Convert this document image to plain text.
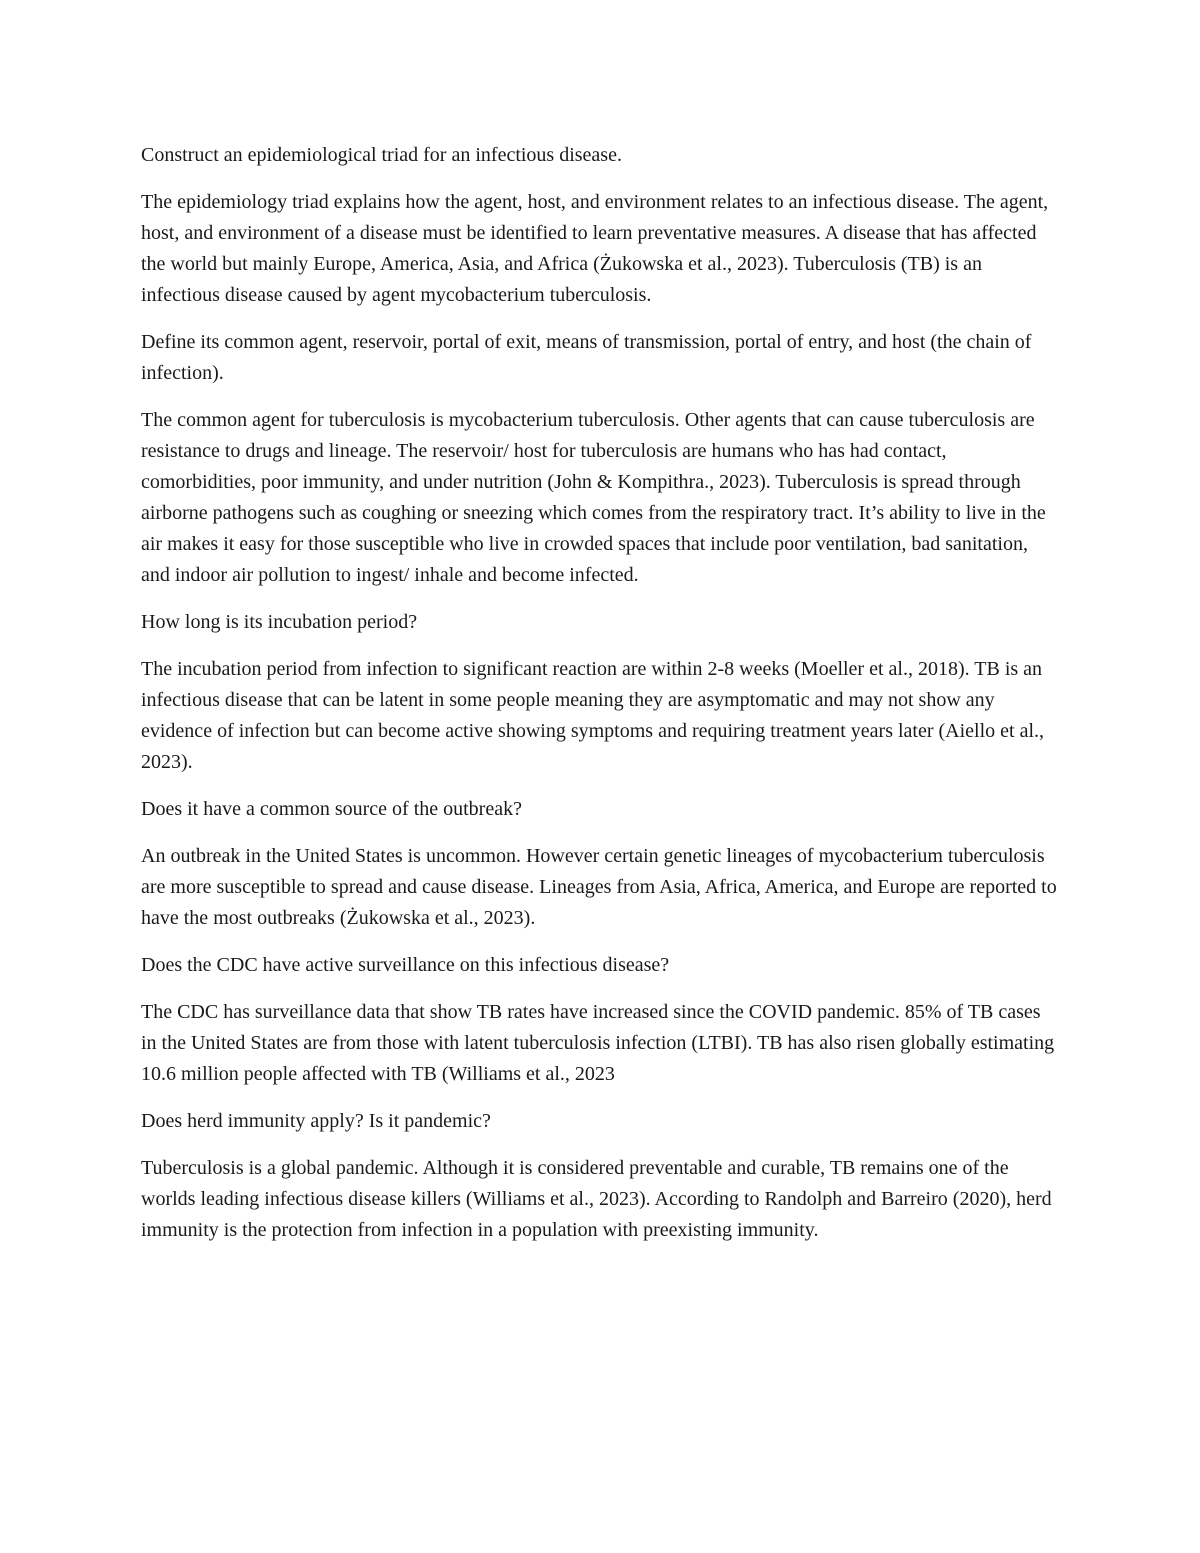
Construct an epidemiological triad for an infectious disease.

The epidemiology triad explains how the agent, host, and environment relates to an infectious disease. The agent, host, and environment of a disease must be identified to learn preventative measures. A disease that has affected the world but mainly Europe, America, Asia, and Africa (Żukowska et al., 2023). Tuberculosis (TB) is an infectious disease caused by agent mycobacterium tuberculosis.

Define its common agent, reservoir, portal of exit, means of transmission, portal of entry, and host (the chain of infection).

The common agent for tuberculosis is mycobacterium tuberculosis. Other agents that can cause tuberculosis are resistance to drugs and lineage. The reservoir/ host for tuberculosis are humans who has had contact, comorbidities, poor immunity, and under nutrition (John & Kompithra., 2023). Tuberculosis is spread through airborne pathogens such as coughing or sneezing which comes from the respiratory tract. It’s ability to live in the air makes it easy for those susceptible who live in crowded spaces that include poor ventilation, bad sanitation, and indoor air pollution to ingest/ inhale and become infected.

How long is its incubation period?

The incubation period from infection to significant reaction are within 2-8 weeks (Moeller et al., 2018). TB is an infectious disease that can be latent in some people meaning they are asymptomatic and may not show any evidence of infection but can become active showing symptoms and requiring treatment years later (Aiello et al., 2023).

Does it have a common source of the outbreak?

An outbreak in the United States is uncommon. However certain genetic lineages of mycobacterium tuberculosis are more susceptible to spread and cause disease. Lineages from Asia, Africa, America, and Europe are reported to have the most outbreaks (Żukowska et al., 2023).

Does the CDC have active surveillance on this infectious disease?

The CDC has surveillance data that show TB rates have increased since the COVID pandemic. 85% of TB cases in the United States are from those with latent tuberculosis infection (LTBI). TB has also risen globally estimating 10.6 million people affected with TB (Williams et al., 2023

Does herd immunity apply? Is it pandemic?

Tuberculosis is a global pandemic. Although it is considered preventable and curable, TB remains one of the worlds leading infectious disease killers (Williams et al., 2023). According to Randolph and Barreiro (2020), herd immunity is the protection from infection in a population with preexisting immunity.
